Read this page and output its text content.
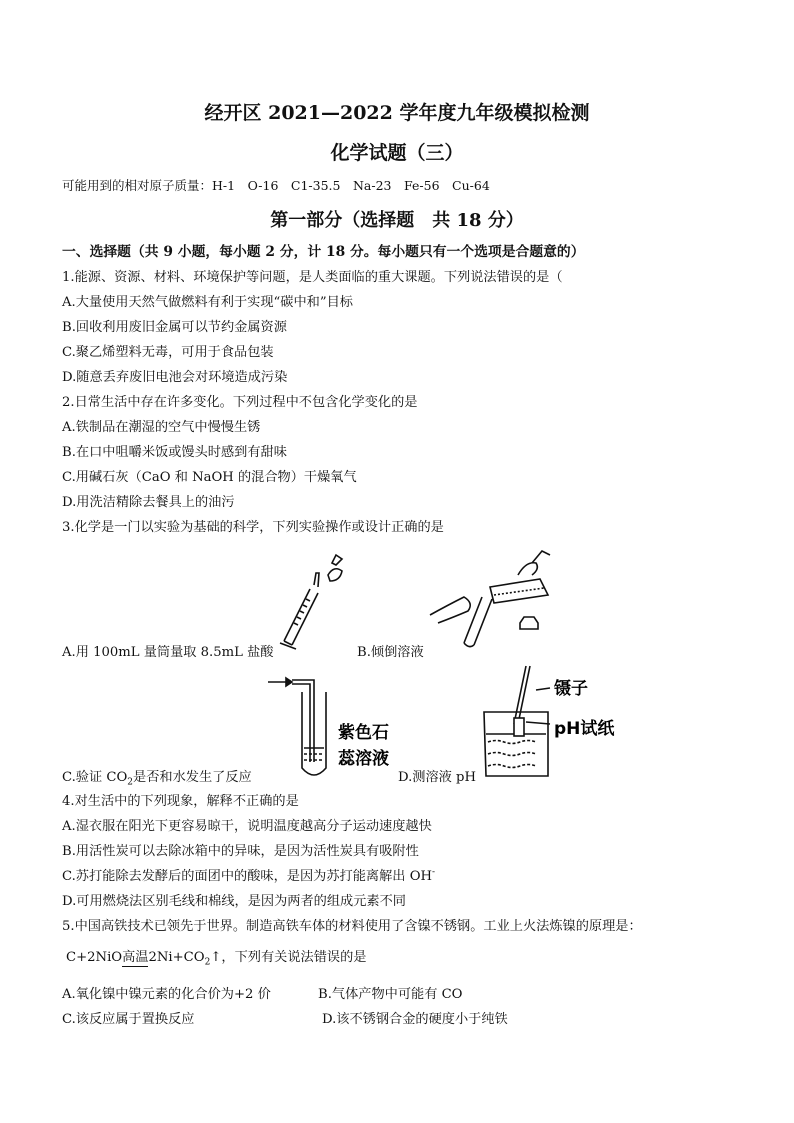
经开区 2021—2022 学年度九年级模拟检测
化学试题（三）
可能用到的相对原子质量：H-1　O-16　C1-35.5　Na-23　Fe-56　Cu-64
第一部分（选择题　共 18 分）
一、选择题（共 9 小题，每小题 2 分，计 18 分。每小题只有一个选项是合题意的）
1.能源、资源、材料、环境保护等问题，是人类面临的重大课题。下列说法错误的是（
A.大量使用天然气做燃料有利于实现“碳中和”目标
B.回收利用废旧金属可以节约金属资源
C.聚乙烯塑料无毒，可用于食品包装
D.随意丢弃废旧电池会对环境造成污染
2.日常生活中存在许多变化。下列过程中不包含化学变化的是
A.铁制品在潮湿的空气中慢慢生锈
B.在口中咀嚼米饭或馒头时感到有甜味
C.用碱石灰（CaO 和 NaOH 的混合物）干燥氧气
D.用洗洁精除去餐具上的油污
3.化学是一门以实验为基础的科学，下列实验操作或设计正确的是
A.用 100mL 量筒量取 8.5mL 盐酸	B.倾倒溶液
紫色石
蕊溶液
镊子
pH试纸
C.验证 $CO_2$是否和水发生了反应	D.测溶液 pH
4.对生活中的下列现象，解释不正确的是
A.湿衣服在阳光下更容易晾干，说明温度越高分子运动速度越快
B.用活性炭可以去除冰箱中的异味，是因为活性炭具有吸附性
C.苏打能除去发酵后的面团中的酸味，是因为苏打能离解出 OH-
D.可用燃烧法区别毛线和棉线，是因为两者的组成元素不同
5.中国高铁技术已领先于世界。制造高铁车体的材料使用了含镍不锈钢。工业上火法炼镍的原理是：
C+2NiO高温$2Ni+CO_2↑$，下列有关说法错误的是
A.氧化镍中镍元素的化合价为+2 价	B.气体产物中可能有 CO
C.该反应属于置换反应	D.该不锈钢合金的硬度小于纯铁
